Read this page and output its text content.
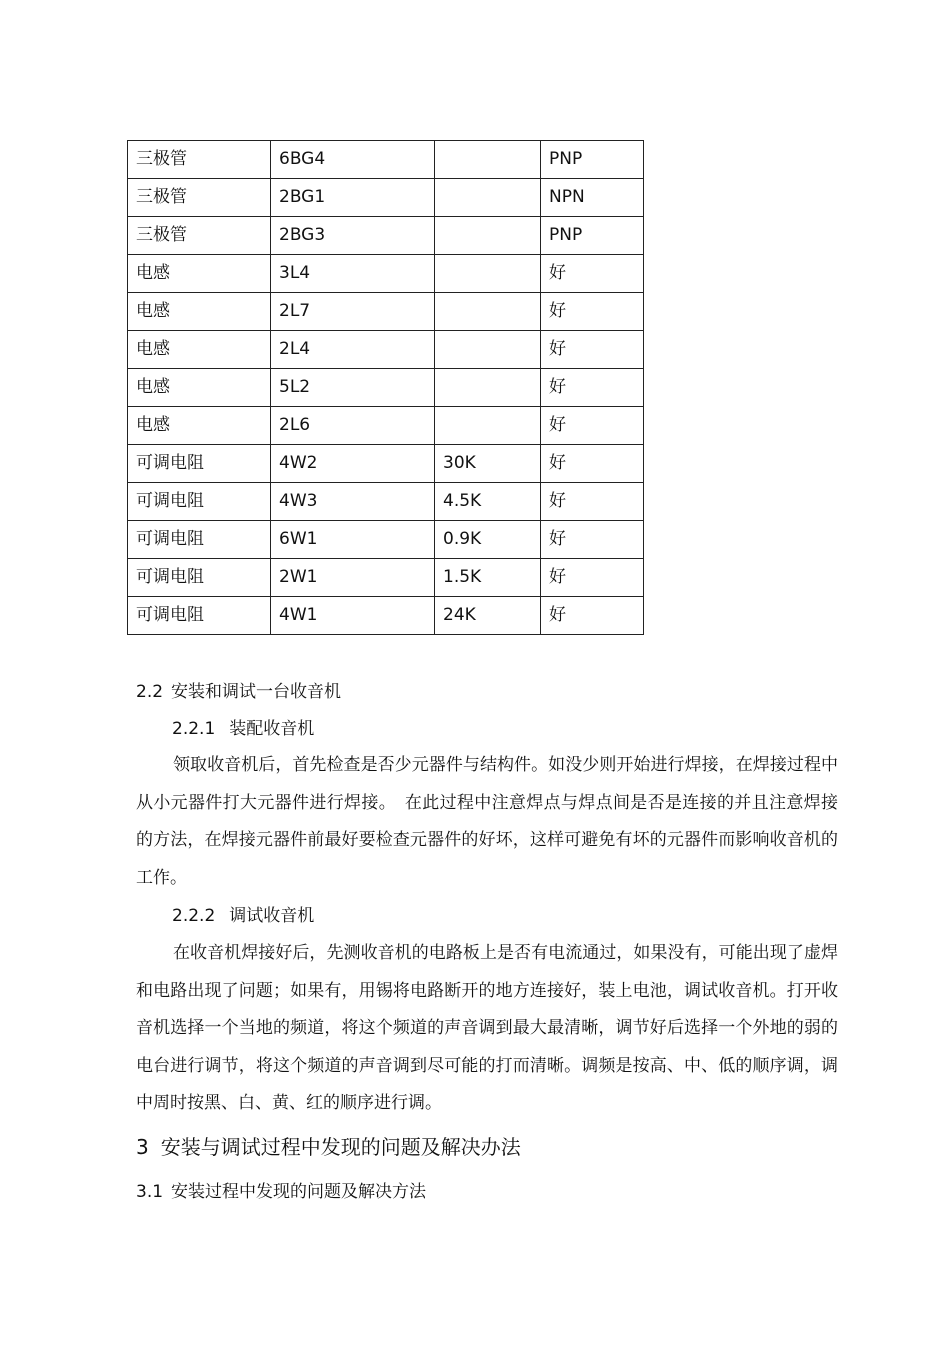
三极管	6BG4		PNP
三极管	2BG1		NPN
三极管	2BG3		PNP
电感	3L4		好
电感	2L7		好
电感	2L4		好
电感	5L2		好
电感	2L6		好
可调电阻	4W2	30K	好
可调电阻	4W3	4.5K	好
可调电阻	6W1	0.9K	好
可调电阻	2W1	1.5K	好
可调电阻	4W1	24K	好
2.2 安装和调试一台收音机
2.2.1 装配收音机

领取收音机后，首先检查是否少元器件与结构件。如没少则开始进行焊接，在焊接过程中从小元器件打大元器件进行焊接。　在此过程中注意焊点与焊点间是否是连接的并且注意焊接的方法，在焊接元器件前最好要检查元器件的好坏，这样可避免有坏的元器件而影响收音机的工作。

2.2.2 调试收音机

在收音机焊接好后，先测收音机的电路板上是否有电流通过，如果没有，可能出现了虚焊和电路出现了问题；如果有，用锡将电路断开的地方连接好，装上电池，调试收音机。打开收音机选择一个当地的频道，将这个频道的声音调到最大最清晰，调节好后选择一个外地的弱的电台进行调节，将这个频道的声音调到尽可能的打而清晰。调频是按高、中、低的顺序调，调中周时按黑、白、黄、红的顺序进行调。

3 安装与调试过程中发现的问题及解决办法
3.1 安装过程中发现的问题及解决方法
